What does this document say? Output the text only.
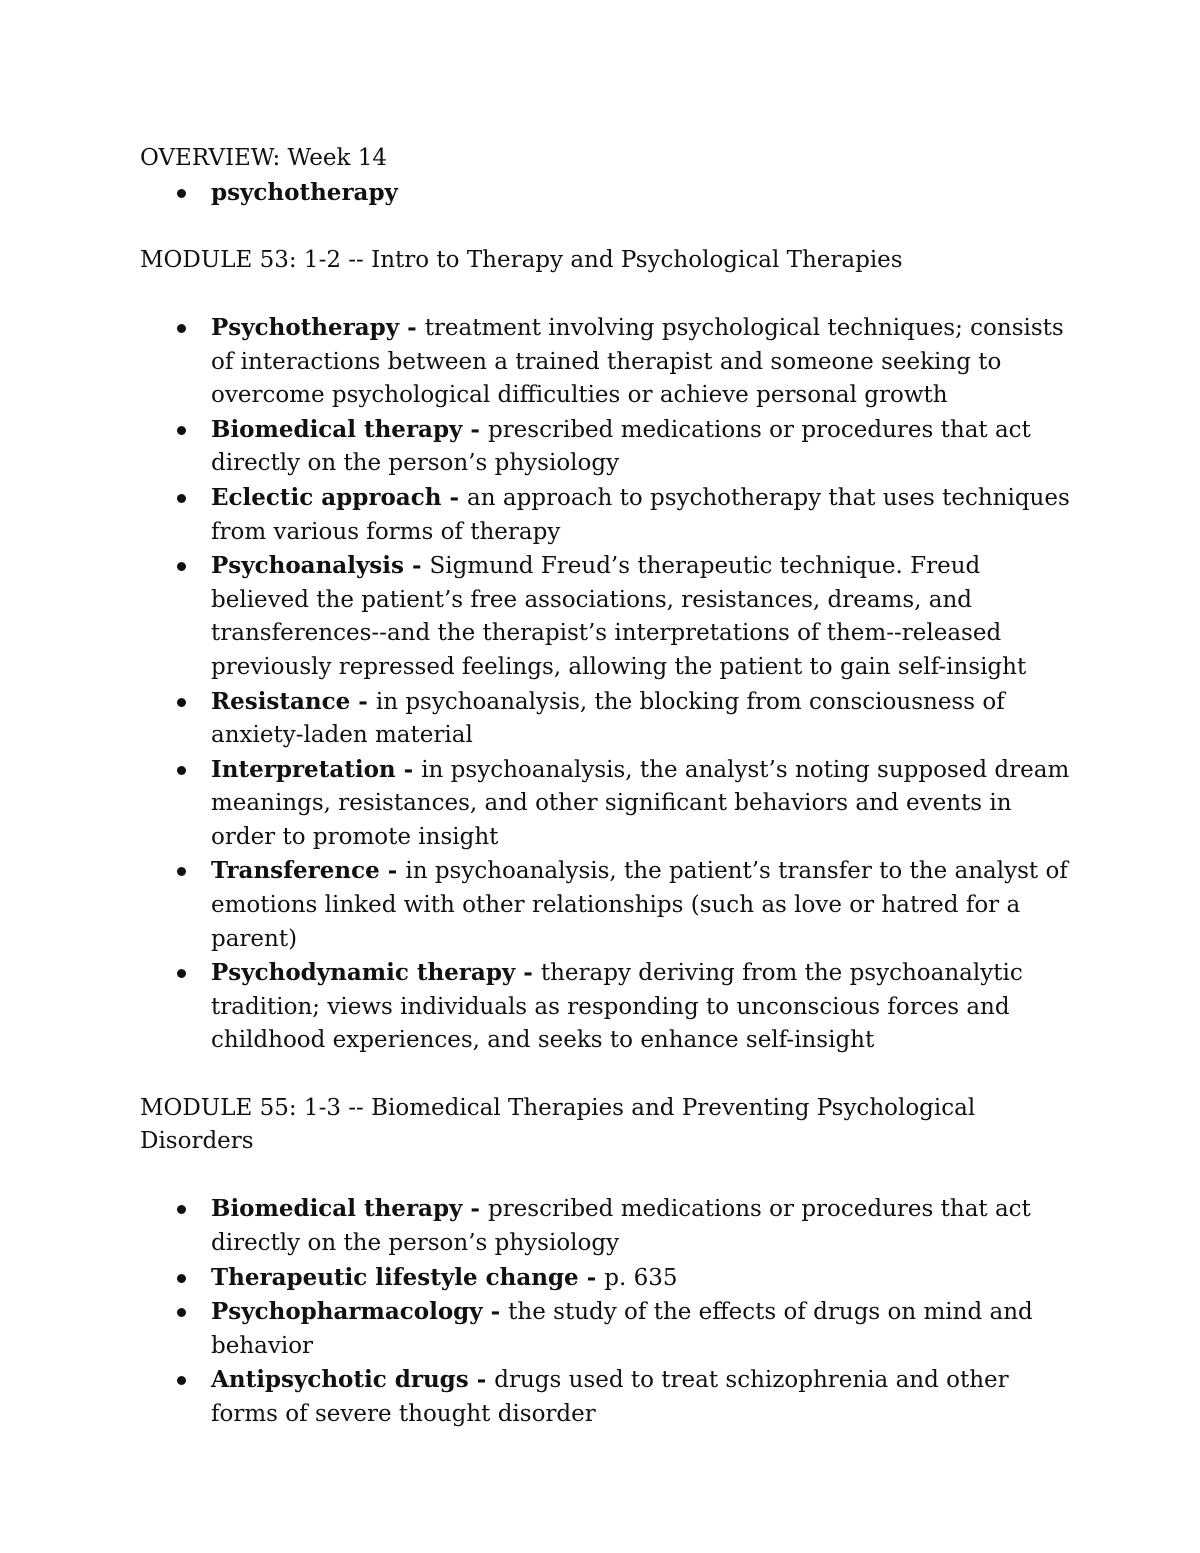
OVERVIEW: Week 14

psychotherapy

MODULE 53: 1-2 -- Intro to Therapy and Psychological Therapies

Psychotherapy - treatment involving psychological techniques; consists of interactions between a trained therapist and someone seeking to overcome psychological difficulties or achieve personal growth
Biomedical therapy - prescribed medications or procedures that act directly on the person’s physiology
Eclectic approach - an approach to psychotherapy that uses techniques from various forms of therapy
Psychoanalysis - Sigmund Freud’s therapeutic technique. Freud believed the patient’s free associations, resistances, dreams, and transferences--and the therapist’s interpretations of them--released previously repressed feelings, allowing the patient to gain self-insight
Resistance - in psychoanalysis, the blocking from consciousness of anxiety-laden material
Interpretation - in psychoanalysis, the analyst’s noting supposed dream meanings, resistances, and other significant behaviors and events in order to promote insight
Transference - in psychoanalysis, the patient’s transfer to the analyst of emotions linked with other relationships (such as love or hatred for a parent)
Psychodynamic therapy - therapy deriving from the psychoanalytic tradition; views individuals as responding to unconscious forces and childhood experiences, and seeks to enhance self-insight

MODULE 55: 1-3 -- Biomedical Therapies and Preventing Psychological Disorders

Biomedical therapy - prescribed medications or procedures that act directly on the person’s physiology
Therapeutic lifestyle change - p. 635
Psychopharmacology - the study of the effects of drugs on mind and behavior
Antipsychotic drugs - drugs used to treat schizophrenia and other forms of severe thought disorder
